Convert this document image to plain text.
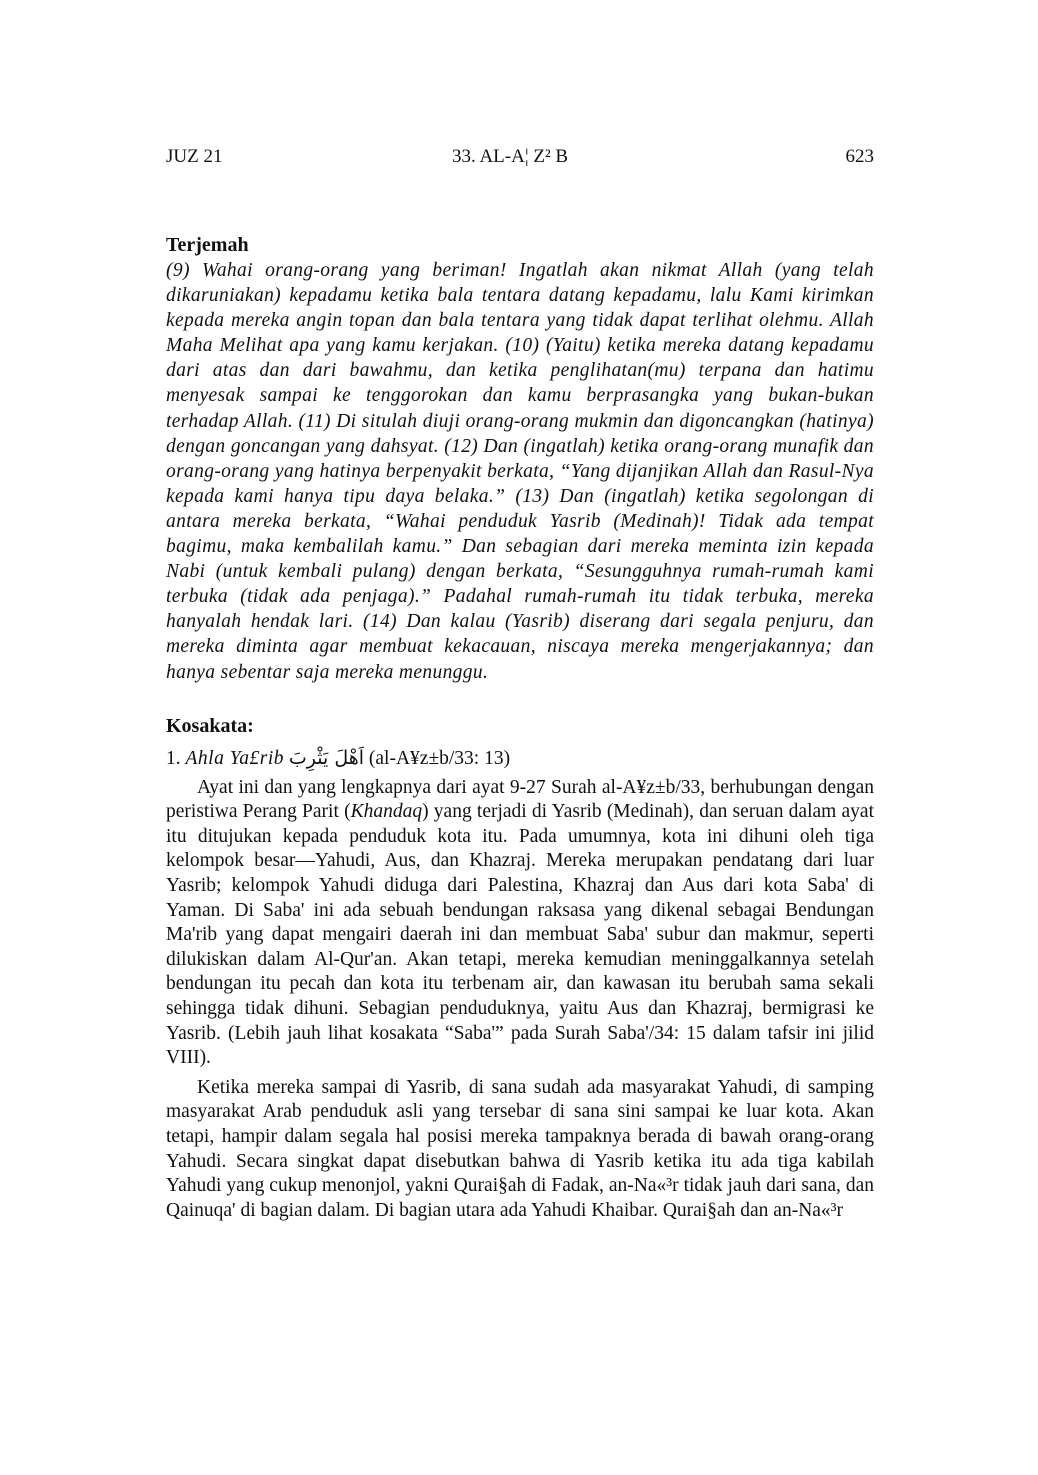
JUZ 21	33. AL-A¦ Z² B	623
Terjemah

(9) Wahai orang-orang yang beriman! Ingatlah akan nikmat Allah (yang telah dikaruniakan) kepadamu ketika bala tentara datang kepadamu, lalu Kami kirimkan kepada mereka angin topan dan bala tentara yang tidak dapat terlihat olehmu. Allah Maha Melihat apa yang kamu kerjakan. (10) (Yaitu) ketika mereka datang kepadamu dari atas dan dari bawahmu, dan ketika penglihatan(mu) terpana dan hatimu menyesak sampai ke tenggorokan dan kamu berprasangka yang bukan-bukan terhadap Allah. (11) Di situlah diuji orang-orang mukmin dan digoncangkan (hatinya) dengan goncangan yang dahsyat. (12) Dan (ingatlah) ketika orang-orang munafik dan orang-orang yang hatinya berpenyakit berkata, “Yang dijanjikan Allah dan Rasul-Nya kepada kami hanya tipu daya belaka.” (13) Dan (ingatlah) ketika segolongan di antara mereka berkata, “Wahai penduduk Yasrib (Medinah)! Tidak ada tempat bagimu, maka kembalilah kamu.” Dan sebagian dari mereka meminta izin kepada Nabi (untuk kembali pulang) dengan berkata, “Sesungguhnya rumah-rumah kami terbuka (tidak ada penjaga).” Padahal rumah-rumah itu tidak terbuka, mereka hanyalah hendak lari. (14) Dan kalau (Yasrib) diserang dari segala penjuru, dan mereka diminta agar membuat kekacauan, niscaya mereka mengerjakannya; dan hanya sebentar saja mereka menunggu.

Kosakata:
1. Ahla Ya£rib اَهْلَ يَثْرِبَ (al-A¥z±b/33: 13)

Ayat ini dan yang lengkapnya dari ayat 9-27 Surah al-A¥z±b/33, berhubungan dengan peristiwa Perang Parit (Khandaq) yang terjadi di Yasrib (Medinah), dan seruan dalam ayat itu ditujukan kepada penduduk kota itu. Pada umumnya, kota ini dihuni oleh tiga kelompok besar—Yahudi, Aus, dan Khazraj. Mereka merupakan pendatang dari luar Yasrib; kelompok Yahudi diduga dari Palestina, Khazraj dan Aus dari kota Saba' di Yaman. Di Saba' ini ada sebuah bendungan raksasa yang dikenal sebagai Bendungan Ma'rib yang dapat mengairi daerah ini dan membuat Saba' subur dan makmur, seperti dilukiskan dalam Al-Qur'an. Akan tetapi, mereka kemudian meninggalkannya setelah bendungan itu pecah dan kota itu terbenam air, dan kawasan itu berubah sama sekali sehingga tidak dihuni. Sebagian penduduknya, yaitu Aus dan Khazraj, bermigrasi ke Yasrib. (Lebih jauh lihat kosakata “Saba'” pada Surah Saba'/34: 15 dalam tafsir ini jilid VIII).

Ketika mereka sampai di Yasrib, di sana sudah ada masyarakat Yahudi, di samping masyarakat Arab penduduk asli yang tersebar di sana sini sampai ke luar kota. Akan tetapi, hampir dalam segala hal posisi mereka tampaknya berada di bawah orang-orang Yahudi. Secara singkat dapat disebutkan bahwa di Yasrib ketika itu ada tiga kabilah Yahudi yang cukup menonjol, yakni Qurai§ah di Fadak, an-Na«³r tidak jauh dari sana, dan Qainuqa' di bagian dalam. Di bagian utara ada Yahudi Khaibar. Qurai§ah dan an-Na«³r
